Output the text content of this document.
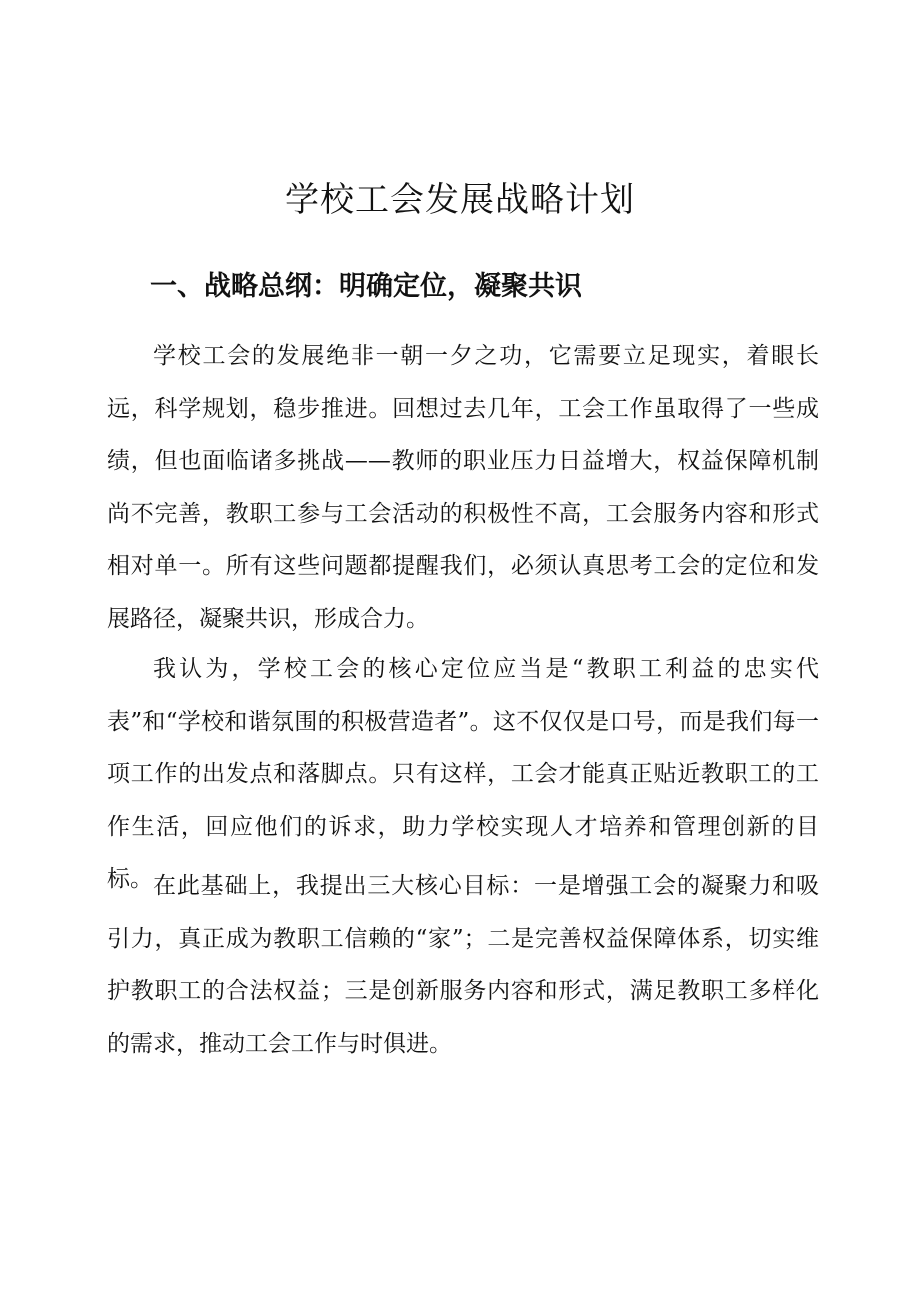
学校工会发展战略计划
一、战略总纲：明确定位，凝聚共识

学校工会的发展绝非一朝一夕之功，它需要立足现实，着眼长远，科学规划，稳步推进。回想过去几年，工会工作虽取得了一些成绩，但也面临诸多挑战——教师的职业压力日益增大，权益保障机制尚不完善，教职工参与工会活动的积极性不高，工会服务内容和形式相对单一。所有这些问题都提醒我们，必须认真思考工会的定位和发展路径，凝聚共识，形成合力。

我认为，学校工会的核心定位应当是“教职工利益的忠实代表”和“学校和谐氛围的积极营造者”。这不仅仅是口号，而是我们每一项工作的出发点和落脚点。只有这样，工会才能真正贴近教职工的工作生活，回应他们的诉求，助力学校实现人才培养和管理创新的目标。 在此基础上，我提出三大核心目标：一是增强工会的凝聚力和吸引力，真正成为教职工信赖的“家”；二是完善权益保障体系，切实维护教职工的合法权益；三是创新服务内容和形式，满足教职工多样化的需求，推动工会工作与时俱进。
